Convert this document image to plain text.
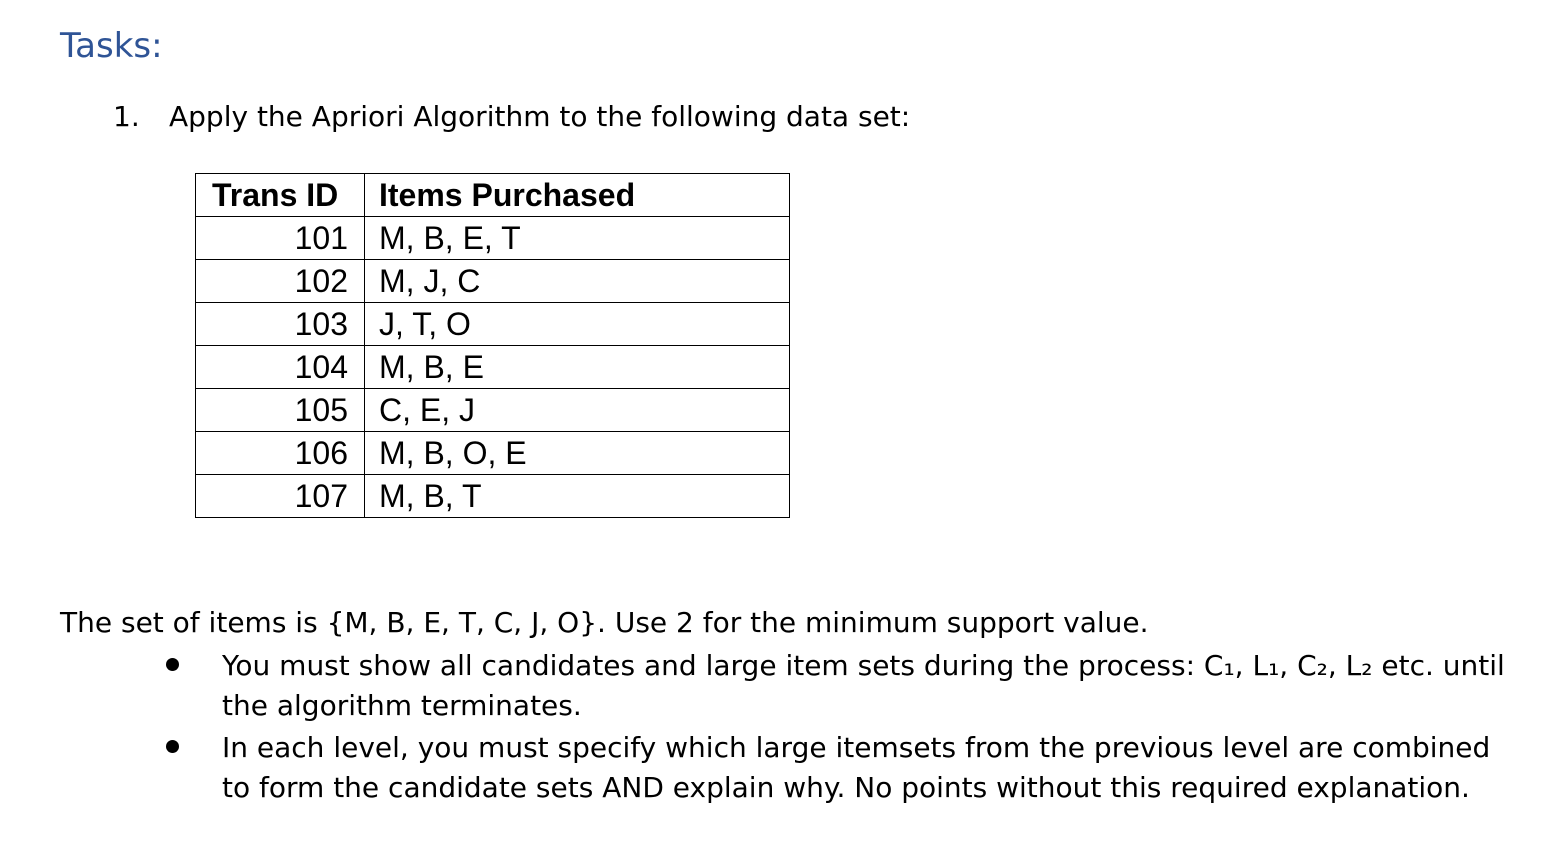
Tasks:
1. Apply the Apriori Algorithm to the following data set:
Trans ID	Items Purchased
101	M, B, E, T
102	M, J, C
103	J, T, O
104	M, B, E
105	C, E, J
106	M, B, O, E
107	M, B, T
The set of items is {M, B, E, T, C, J, O}. Use 2 for the minimum support value.
You must show all candidates and large item sets during the process: C₁, L₁, C₂, L₂ etc. until the algorithm terminates.
In each level, you must specify which large itemsets from the previous level are combined to form the candidate sets AND explain why. No points without this required explanation.
